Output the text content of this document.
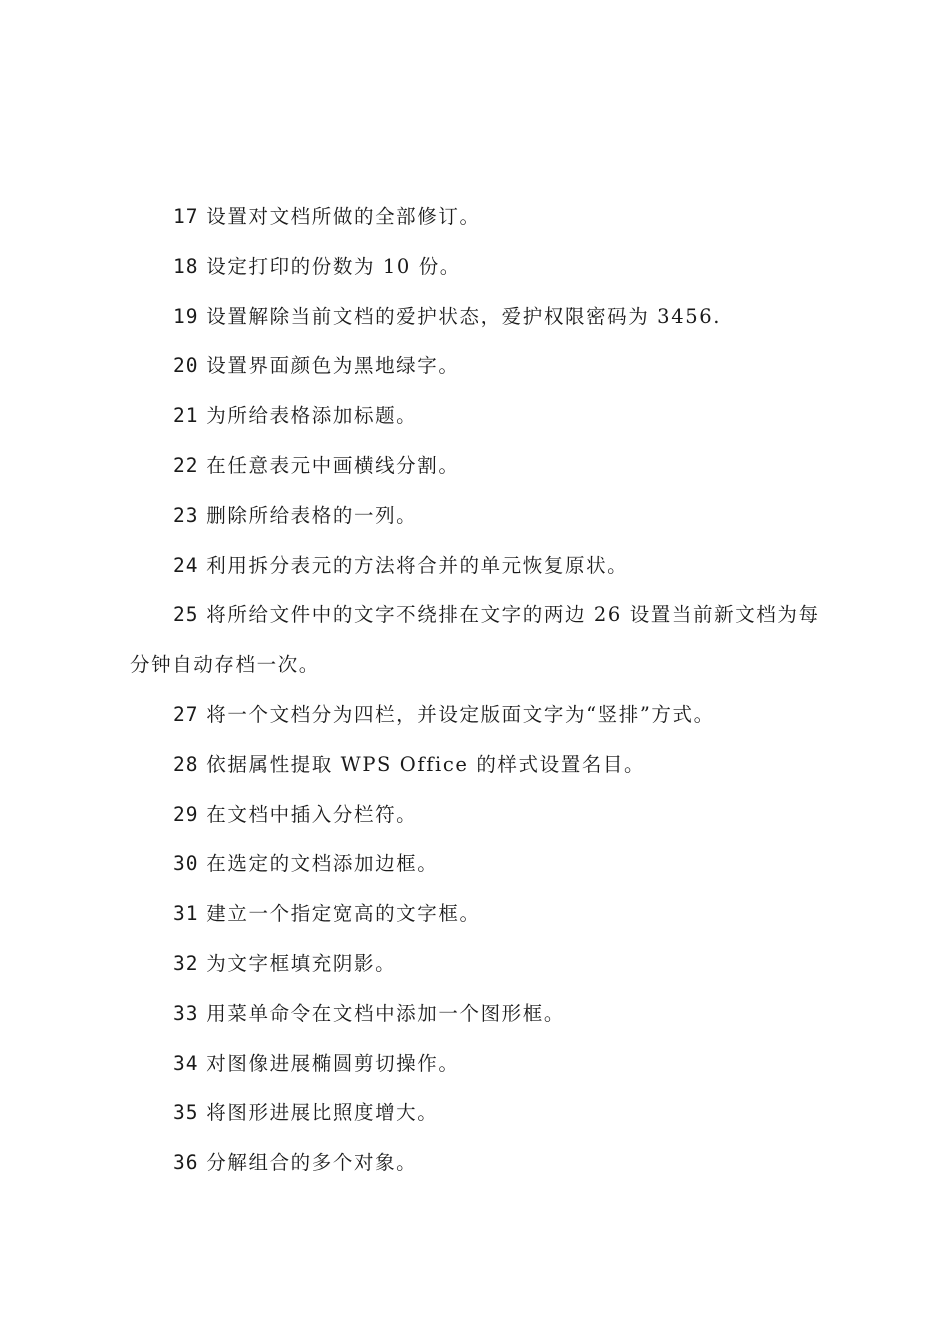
17 设置对文档所做的全部修订。

18 设定打印的份数为 10 份。

19 设置解除当前文档的爱护状态，爱护权限密码为 3456.

20 设置界面颜色为黑地绿字。

21 为所给表格添加标题。

22 在任意表元中画横线分割。

23 删除所给表格的一列。

24 利用拆分表元的方法将合并的单元恢复原状。

25 将所给文件中的文字不绕排在文字的两边 26 设置当前新文档为每分钟自动存档一次。

27 将一个文档分为四栏，并设定版面文字为“竖排”方式。

28 依据属性提取 WPS Office 的样式设置名目。

29 在文档中插入分栏符。

30 在选定的文档添加边框。

31 建立一个指定宽高的文字框。

32 为文字框填充阴影。

33 用菜单命令在文档中添加一个图形框。

34 对图像进展椭圆剪切操作。

35 将图形进展比照度增大。

36 分解组合的多个对象。
